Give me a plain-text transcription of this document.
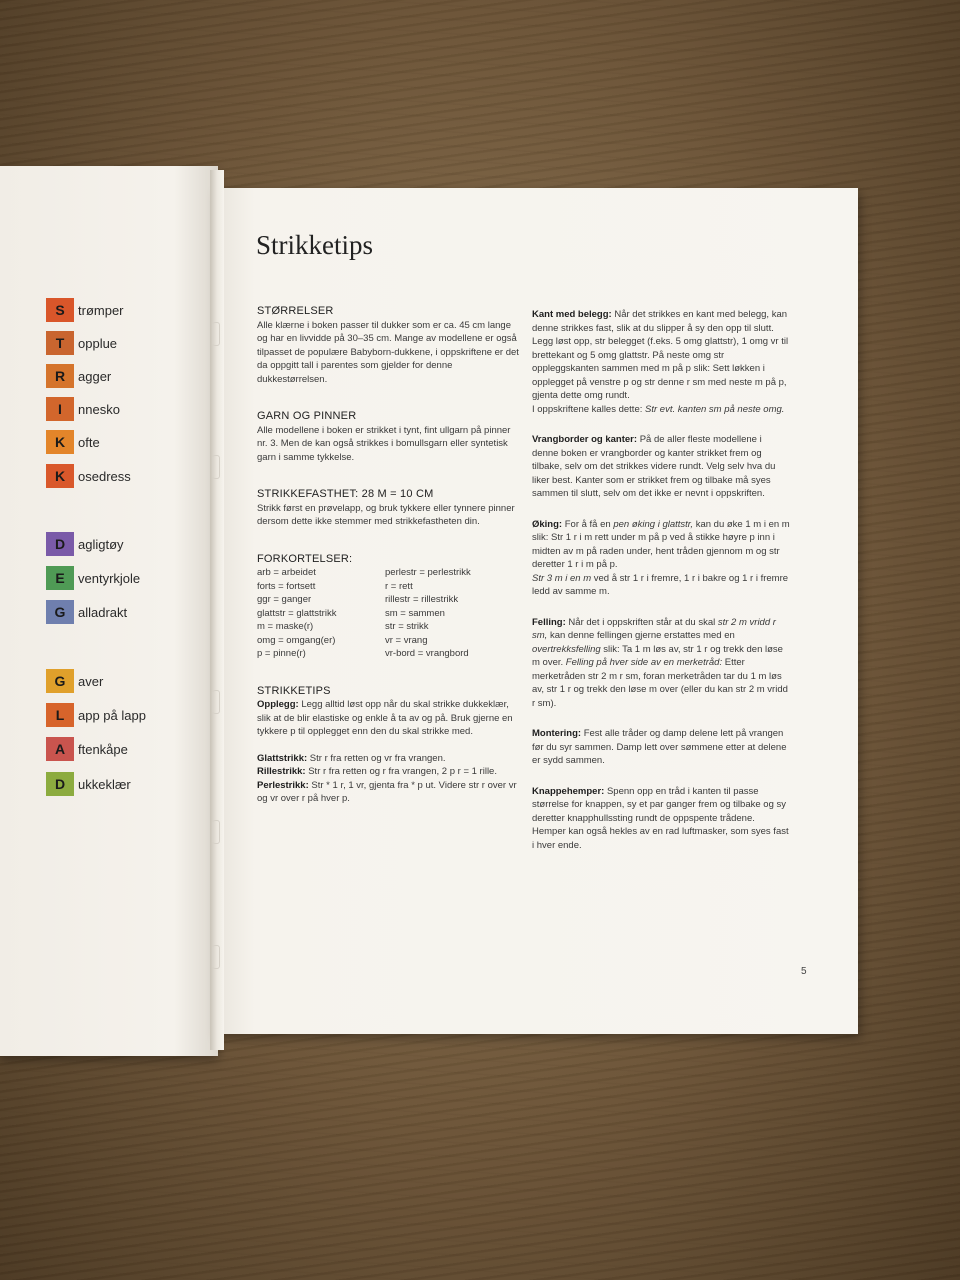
S	trømper
T	opplue
R agger
I	nnesko
K ofte
K osedress
D agligtøy
E	ventyrkjole
G alladrakt
G aver
L	app på lapp
A ftenkåpe
D ukkeklær
Strikketips
STØRRELSER
Alle klærne i boken passer til dukker som er ca. 45 cm lange og har en livvidde på 30–35 cm. Mange av modellene er også tilpasset de populære Babyborn-dukkene, i oppskriftene er det da oppgitt tall i parentes som gjelder for denne dukkestørrelsen.
GARN OG PINNER
Alle modellene i boken er strikket i tynt, fint ullgarn på pinner nr. 3. Men de kan også strikkes i bomullsgarn eller syntetisk garn i samme tykkelse.
STRIKKEFASTHET: 28 M = 10 CM
Strikk først en prøvelapp, og bruk tykkere eller tynnere pinner dersom dette ikke stemmer med strikkefastheten din.
FORKORTELSER:
arb = arbeidet
forts = fortsett
ggr = ganger
glattstr = glattstrikk
m = maske(r)
omg = omgang(er)
p = pinne(r)
perlestr = perlestrikk
r = rett
rillestr = rillestrikk
sm = sammen
str = strikk
vr = vrang
vr-bord = vrangbord
STRIKKETIPS
Opplegg: Legg alltid løst opp når du skal strikke dukkeklær, slik at de blir elastiske og enkle å ta av og på. Bruk gjerne en tykkere p til opplegget enn den du skal strikke med.
Glattstrikk: Str r fra retten og vr fra vrangen.
Rillestrikk: Str r fra retten og r fra vrangen, 2 p r = 1 rille.
Perlestrikk: Str * 1 r, 1 vr, gjenta fra * p ut. Videre str r over vr og vr over r på hver p.
Kant med belegg: Når det strikkes en kant med belegg, kan denne strikkes fast, slik at du slipper å sy den opp til slutt. Legg løst opp, str belegget (f.eks. 5 omg glattstr), 1 omg vr til brettekant og 5 omg glattstr. På neste omg str oppleggskanten sammen med m på p slik: Sett løkken i opplegget på venstre p og str denne r sm med neste m på p, gjenta dette omg rundt.
I oppskriftene kalles dette: Str evt. kanten sm på neste omg.
Vrangborder og kanter: På de aller fleste modellene i denne boken er vrangborder og kanter strikket frem og tilbake, selv om det strikkes videre rundt. Velg selv hva du liker best. Kanter som er strikket frem og tilbake må syes sammen til slutt, selv om det ikke er nevnt i oppskriften.
Øking: For å få en pen øking i glattstr, kan du øke 1 m i en m slik: Str 1 r i m rett under m på p ved å stikke høyre p inn i midten av m på raden under, hent tråden gjennom m og str deretter 1 r i m på p.
Str 3 m i en m ved å str 1 r i fremre, 1 r i bakre og 1 r i fremre ledd av samme m.
Felling: Når det i oppskriften står at du skal str 2 m vridd r sm, kan denne fellingen gjerne erstattes med en overtrekksfelling slik: Ta 1 m løs av, str 1 r og trekk den løse m over. Felling på hver side av en merketråd: Etter merketråden str 2 m r sm, foran merketråden tar du 1 m løs av, str 1 r og trekk den løse m over (eller du kan str 2 m vridd r sm).
Montering: Fest alle tråder og damp delene lett på vrangen før du syr sammen. Damp lett over sømmene etter at delene er sydd sammen.
Knappehemper: Spenn opp en tråd i kanten til passe størrelse for knappen, sy et par ganger frem og tilbake og sy deretter knapphullssting rundt de oppspente trådene. Hemper kan også hekles av en rad luftmasker, som syes fast i hver ende.
5
